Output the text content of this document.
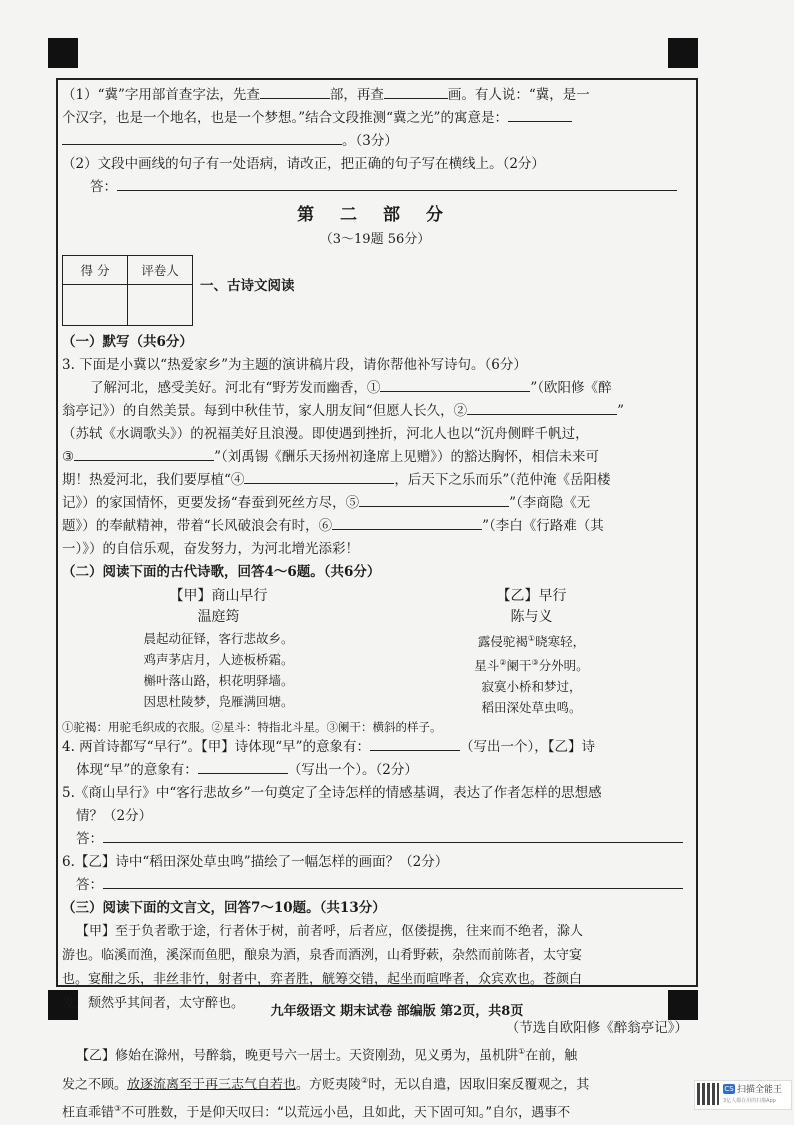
（1）“冀”字用部首查字法，先查	部，再查	画。有人说：“冀，是一
个汉字，也是一个地名，也是一个梦想。”结合文段推测“冀之光”的寓意是：
。（3分）
（2）文段中画线的句子有一处语病，请改正，把正确的句子写在横线上。（2分）
答：
第 二 部 分
（3～19题 56分）
得 分	评卷人

一、古诗文阅读
（一）默写（共6分）
3. 下面是小冀以“热爱家乡”为主题的演讲稿片段，请你帮他补写诗句。（6分）
了解河北，感受美好。河北有“野芳发而幽香，①	”（欧阳修《醉
翁亭记》）的自然美景。每到中秋佳节，家人朋友间“但愿人长久，②	”
（苏轼《水调歌头》）的祝福美好且浪漫。即使遇到挫折，河北人也以“沉舟侧畔千帆过，
③	”（刘禹锡《酬乐天扬州初逢席上见赠》）的豁达胸怀，相信未来可
期！热爱河北，我们要厚植“④	，后天下之乐而乐”（范仲淹《岳阳楼
记》）的家国情怀，更要发扬“春蚕到死丝方尽，⑤	”（李商隐《无
题》）的奉献精神，带着“长风破浪会有时，⑥	”（李白《行路难（其
一）》）的自信乐观，奋发努力，为河北增光添彩！
（二）阅读下面的古代诗歌，回答4～6题。（共6分）
【甲】商山早行
温庭筠
晨起动征铎，客行悲故乡。
鸡声茅店月，人迹板桥霜。
槲叶落山路，枳花明驿墙。
因思杜陵梦，凫雁满回塘。
【乙】早行
陈与义
露侵驼褐①晓寒轻，
星斗②阑干③分外明。
寂寞小桥和梦过，
稻田深处草虫鸣。
①驼褐：用驼毛织成的衣服。②星斗：特指北斗星。③阑干：横斜的样子。
4. 两首诗都写“早行”。【甲】诗体现“早”的意象有：	（写出一个），【乙】诗
体现“早”的意象有：	（写出一个）。（2分）
5.《商山早行》中“客行悲故乡”一句奠定了全诗怎样的情感基调，表达了作者怎样的思想感
情？（2分）
答：
6.【乙】诗中“稻田深处草虫鸣”描绘了一幅怎样的画面？（2分）
答：
（三）阅读下面的文言文，回答7～10题。（共13分）
【甲】至于负者歌于途，行者休于树，前者呼，后者应，伛偻提携，往来而不绝者，滁人
游也。临溪而渔，溪深而鱼肥，酿泉为酒，泉香而酒洌，山肴野蔌，杂然而前陈者，太守宴
也。宴酣之乐，非丝非竹，射者中，弈者胜，觥筹交错，起坐而喧哗者，众宾欢也。苍颜白
发，颓然乎其间者，太守醉也。
（节选自欧阳修《醉翁亭记》）
【乙】修始在滁州，号醉翁，晚更号六一居士。天资刚劲，见义勇为，虽机阱①在前，触
发之不顾。放逐流离至于再三志气自若也。方贬夷陵②时，无以自遣，因取旧案反覆观之，其
枉直乖错③不可胜数，于是仰天叹曰：“以荒远小邑，且如此，天下固可知。”自尔，遇事不
九年级语文 期末试卷 部编版 第2页，共8页
CS 扫描全能王
3亿人都在用的扫描App
